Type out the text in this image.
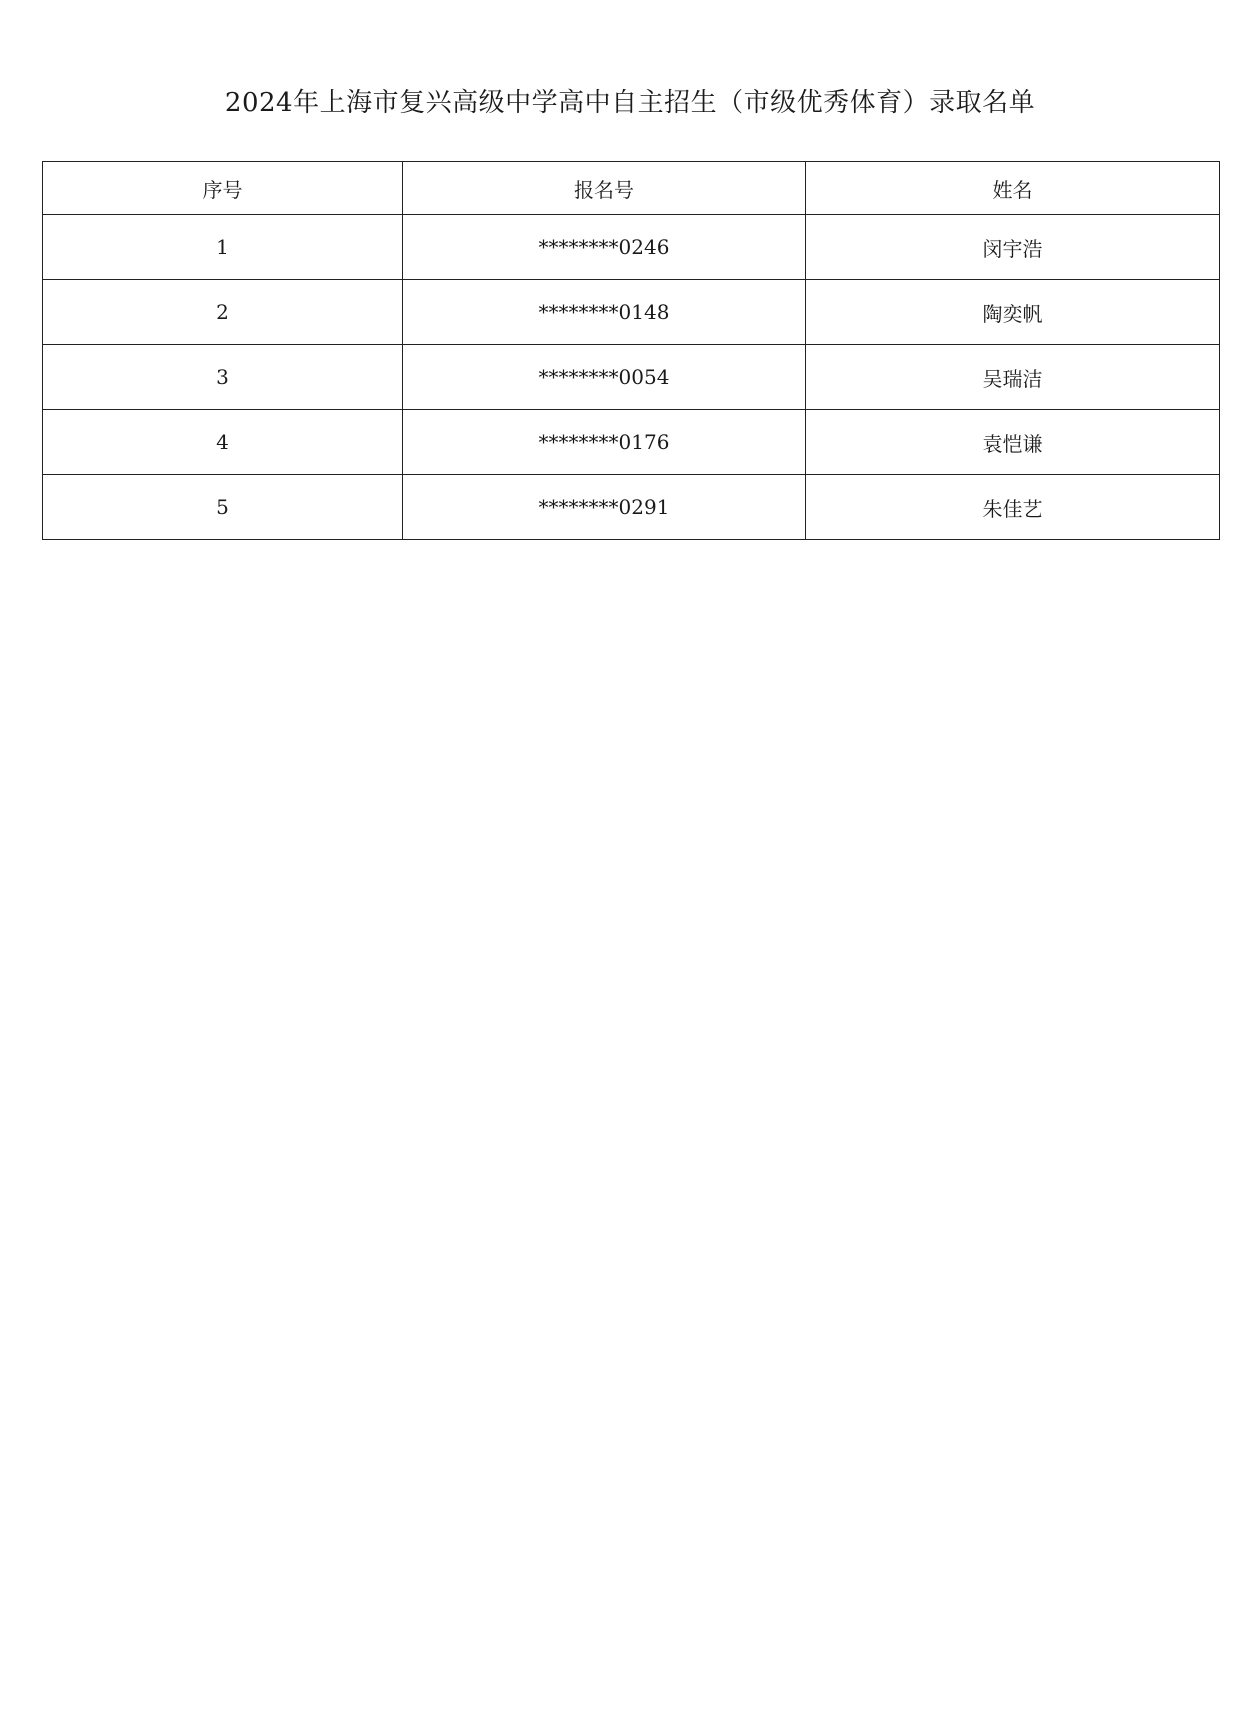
2024年上海市复兴高级中学高中自主招生（市级优秀体育）录取名单
序号	报名号	姓名
1	********0246	闵宇浩
2	********0148	陶奕帆
3	********0054	吴瑞洁
4	********0176	袁恺谦
5	********0291	朱佳艺
